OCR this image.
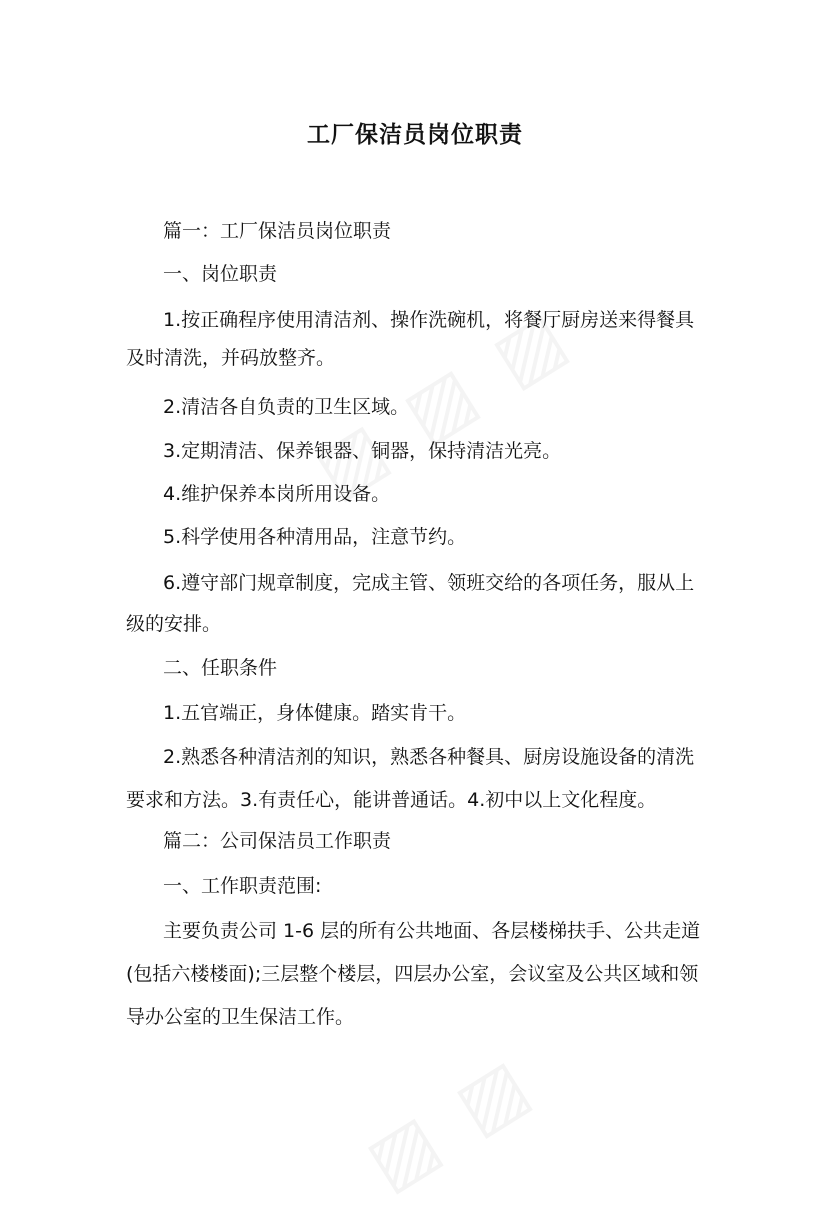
工厂保洁员岗位职责
篇一：工厂保洁员岗位职责
一、岗位职责
1.按正确程序使用清洁剂、操作洗碗机，将餐厅厨房送来得餐具
及时清洗，并码放整齐。
2.清洁各自负责的卫生区域。
3.定期清洁、保养银器、铜器，保持清洁光亮。
4.维护保养本岗所用设备。
5.科学使用各种清用品，注意节约。
6.遵守部门规章制度，完成主管、领班交给的各项任务，服从上
级的安排。
二、任职条件
1.五官端正，身体健康。踏实肯干。
2.熟悉各种清洁剂的知识，熟悉各种餐具、厨房设施设备的清洗
要求和方法。3.有责任心，能讲普通话。4.初中以上文化程度。
篇二：公司保洁员工作职责
一、工作职责范围:
主要负责公司 1-6 层的所有公共地面、各层楼梯扶手、公共走道
(包括六楼楼面);三层整个楼层，四层办公室，会议室及公共区域和领
导办公室的卫生保洁工作。
